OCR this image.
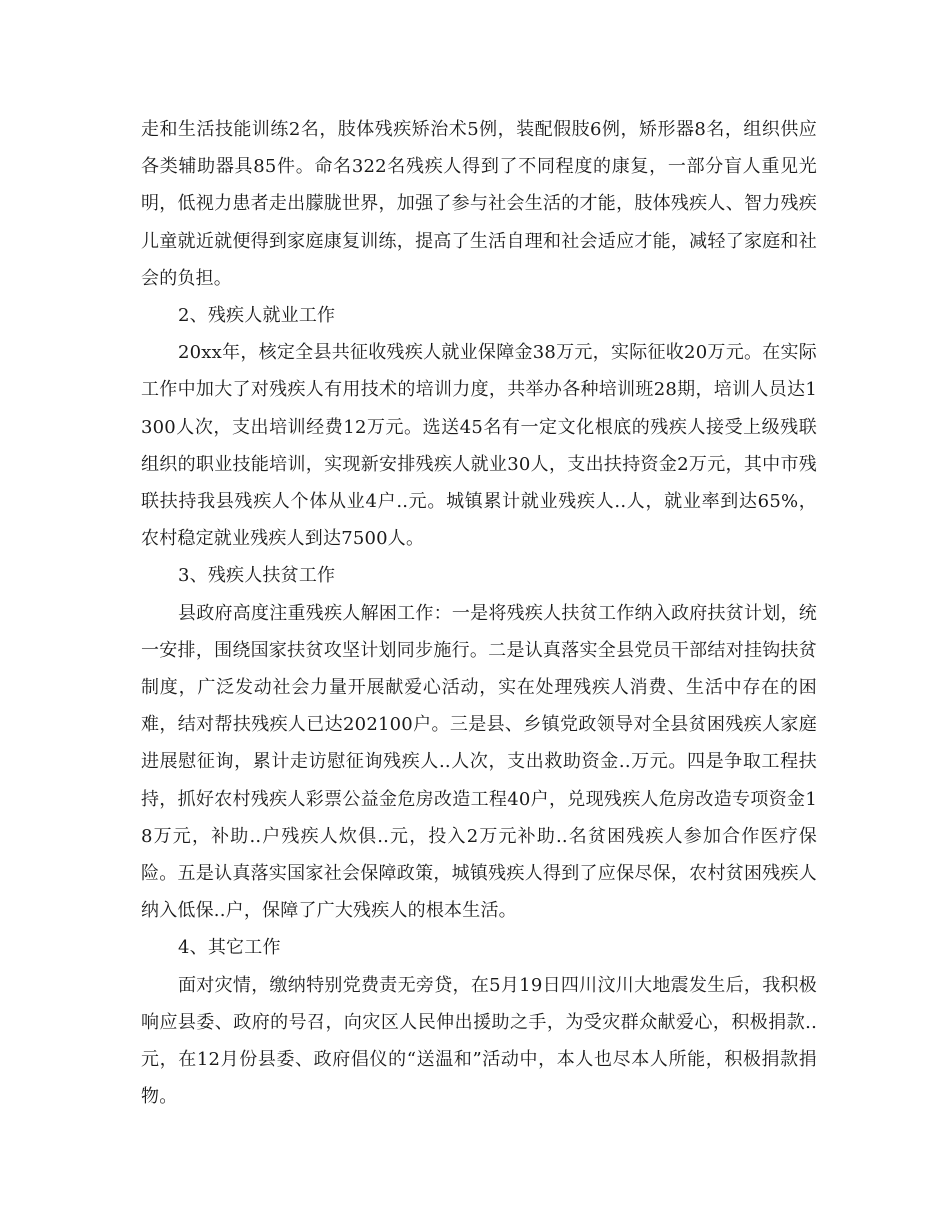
走和生活技能训练2名，肢体残疾矫治术5例，装配假肢6例，矫形器8名，组织供应各类辅助器具85件。命名322名残疾人得到了不同程度的康复，一部分盲人重见光明，低视力患者走出朦胧世界，加强了参与社会生活的才能，肢体残疾人、智力残疾儿童就近就便得到家庭康复训练，提高了生活自理和社会适应才能，减轻了家庭和社会的负担。

2、残疾人就业工作

20xx年，核定全县共征收残疾人就业保障金38万元，实际征收20万元。在实际工作中加大了对残疾人有用技术的培训力度，共举办各种培训班28期，培训人员达1300人次，支出培训经费12万元。选送45名有一定文化根底的残疾人接受上级残联组织的职业技能培训，实现新安排残疾人就业30人，支出扶持资金2万元，其中市残联扶持我县残疾人个体从业4户..元。城镇累计就业残疾人..人，就业率到达65%，农村稳定就业残疾人到达7500人。

3、残疾人扶贫工作

县政府高度注重残疾人解困工作：一是将残疾人扶贫工作纳入政府扶贫计划，统一安排，围绕国家扶贫攻坚计划同步施行。二是认真落实全县党员干部结对挂钩扶贫制度，广泛发动社会力量开展献爱心活动，实在处理残疾人消费、生活中存在的困难，结对帮扶残疾人已达202100户。三是县、乡镇党政领导对全县贫困残疾人家庭进展慰征询，累计走访慰征询残疾人..人次，支出救助资金..万元。四是争取工程扶持，抓好农村残疾人彩票公益金危房改造工程40户，兑现残疾人危房改造专项资金18万元，补助..户残疾人炊俱..元，投入2万元补助..名贫困残疾人参加合作医疗保险。五是认真落实国家社会保障政策，城镇残疾人得到了应保尽保，农村贫困残疾人纳入低保..户，保障了广大残疾人的根本生活。

4、其它工作

面对灾情，缴纳特别党费责无旁贷，在5月19日四川汶川大地震发生后，我积极响应县委、政府的号召，向灾区人民伸出援助之手，为受灾群众献爱心，积极捐款..元，在12月份县委、政府倡仪的“送温和”活动中，本人也尽本人所能，积极捐款捐物。
